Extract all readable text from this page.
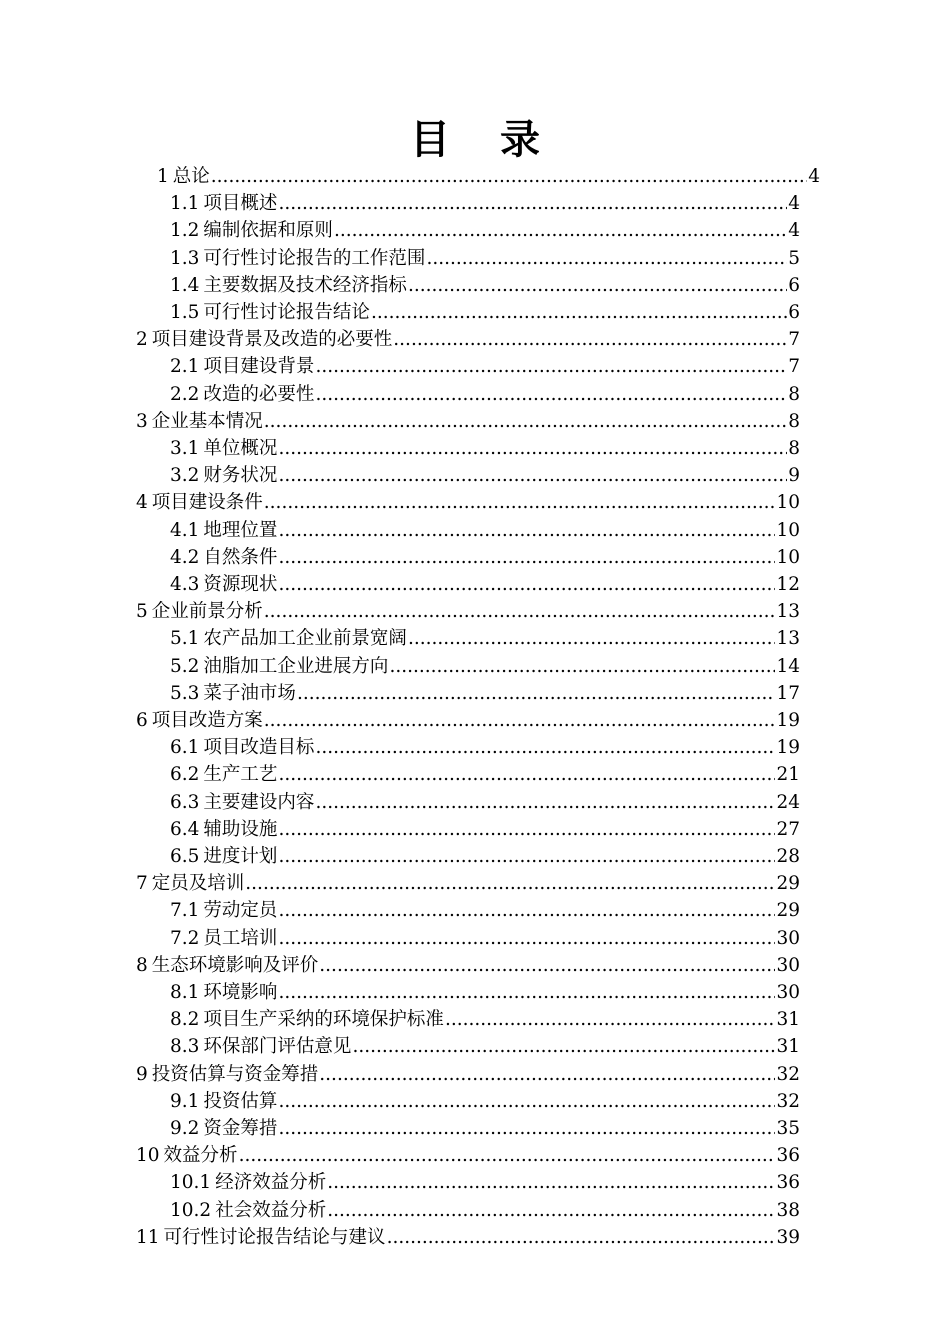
目 录
1 总论 .....	4
1.1 项目概述 .....	4
1.2 编制依据和原则 .....	4
1.3 可行性讨论报告的工作范围 .....	5
1.4 主要数据及技术经济指标 .....	6
1.5 可行性讨论报告结论 .....	6
2 项目建设背景及改造的必要性 .....	7
2.1 项目建设背景 .....	7
2.2 改造的必要性 .....	8
3 企业基本情况 .....	8
3.1 单位概况 .....	8
3.2 财务状况 .....	9
4 项目建设条件 .....	10
4.1 地理位置 .....	10
4.2 自然条件 .....	10
4.3 资源现状 .....	12
5 企业前景分析 .....	13
5.1 农产品加工企业前景宽阔 .....	13
5.2 油脂加工企业进展方向 .....	14
5.3 菜子油市场 .....	17
6 项目改造方案 .....	19
6.1 项目改造目标 .....	19
6.2 生产工艺 .....	21
6.3 主要建设内容 .....	24
6.4 辅助设施 .....	27
6.5 进度计划 .....	28
7 定员及培训 .....	29
7.1 劳动定员 .....	29
7.2 员工培训 .....	30
8 生态环境影响及评价 .....	30
8.1 环境影响 .....	30
8.2 项目生产采纳的环境保护标准 .....	31
8.3 环保部门评估意见 .....	31
9 投资估算与资金筹措 .....	32
9.1 投资估算 .....	32
9.2 资金筹措 .....	35
10 效益分析 .....	36
10.1 经济效益分析 .....	36
10.2 社会效益分析 .....	38
11 可行性讨论报告结论与建议 .....	39
